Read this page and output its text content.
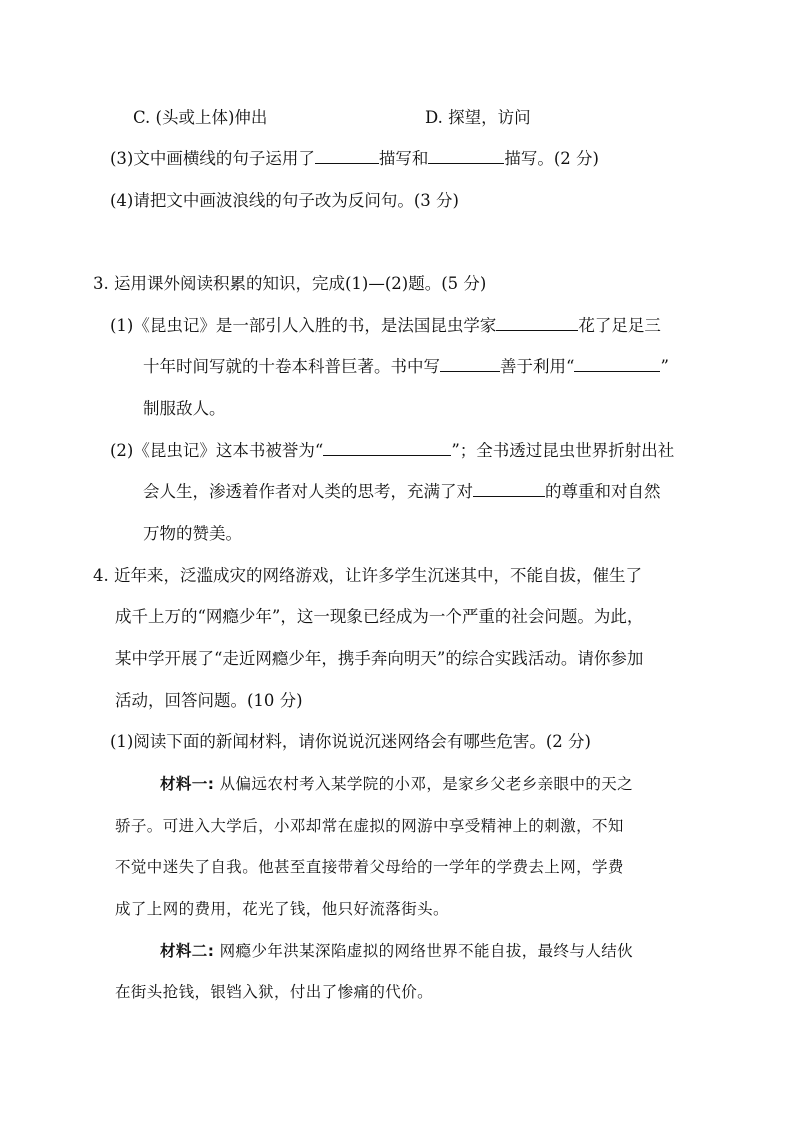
C. (头或上体)伸出	D. 探望，访问
(3)文中画横线的句子运用了	描写和	描写。(2 分)
(4)请把文中画波浪线的句子改为反问句。(3 分)
3. 运用课外阅读积累的知识，完成(1)—(2)题。(5 分)
(1)《昆虫记》是一部引人入胜的书，是法国昆虫学家	花了足足三
十年时间写就的十卷本科普巨著。书中写	善于利用“	”
制服敌人。
(2)《昆虫记》这本书被誉为“	”；全书透过昆虫世界折射出社
会人生，渗透着作者对人类的思考，充满了对	的尊重和对自然
万物的赞美。
4. 近年来，泛滥成灾的网络游戏，让许多学生沉迷其中，不能自拔，催生了
成千上万的“网瘾少年”，这一现象已经成为一个严重的社会问题。为此，
某中学开展了“走近网瘾少年，携手奔向明天”的综合实践活动。请你参加
活动，回答问题。(10 分)
(1)阅读下面的新闻材料，请你说说沉迷网络会有哪些危害。(2 分)
材料一: 从偏远农村考入某学院的小邓，是家乡父老乡亲眼中的天之
骄子。可进入大学后，小邓却常在虚拟的网游中享受精神上的刺激，不知
不觉中迷失了自我。他甚至直接带着父母给的一学年的学费去上网，学费
成了上网的费用，花光了钱，他只好流落街头。
材料二: 网瘾少年洪某深陷虚拟的网络世界不能自拔，最终与人结伙
在街头抢钱，银铛入狱，付出了惨痛的代价。
